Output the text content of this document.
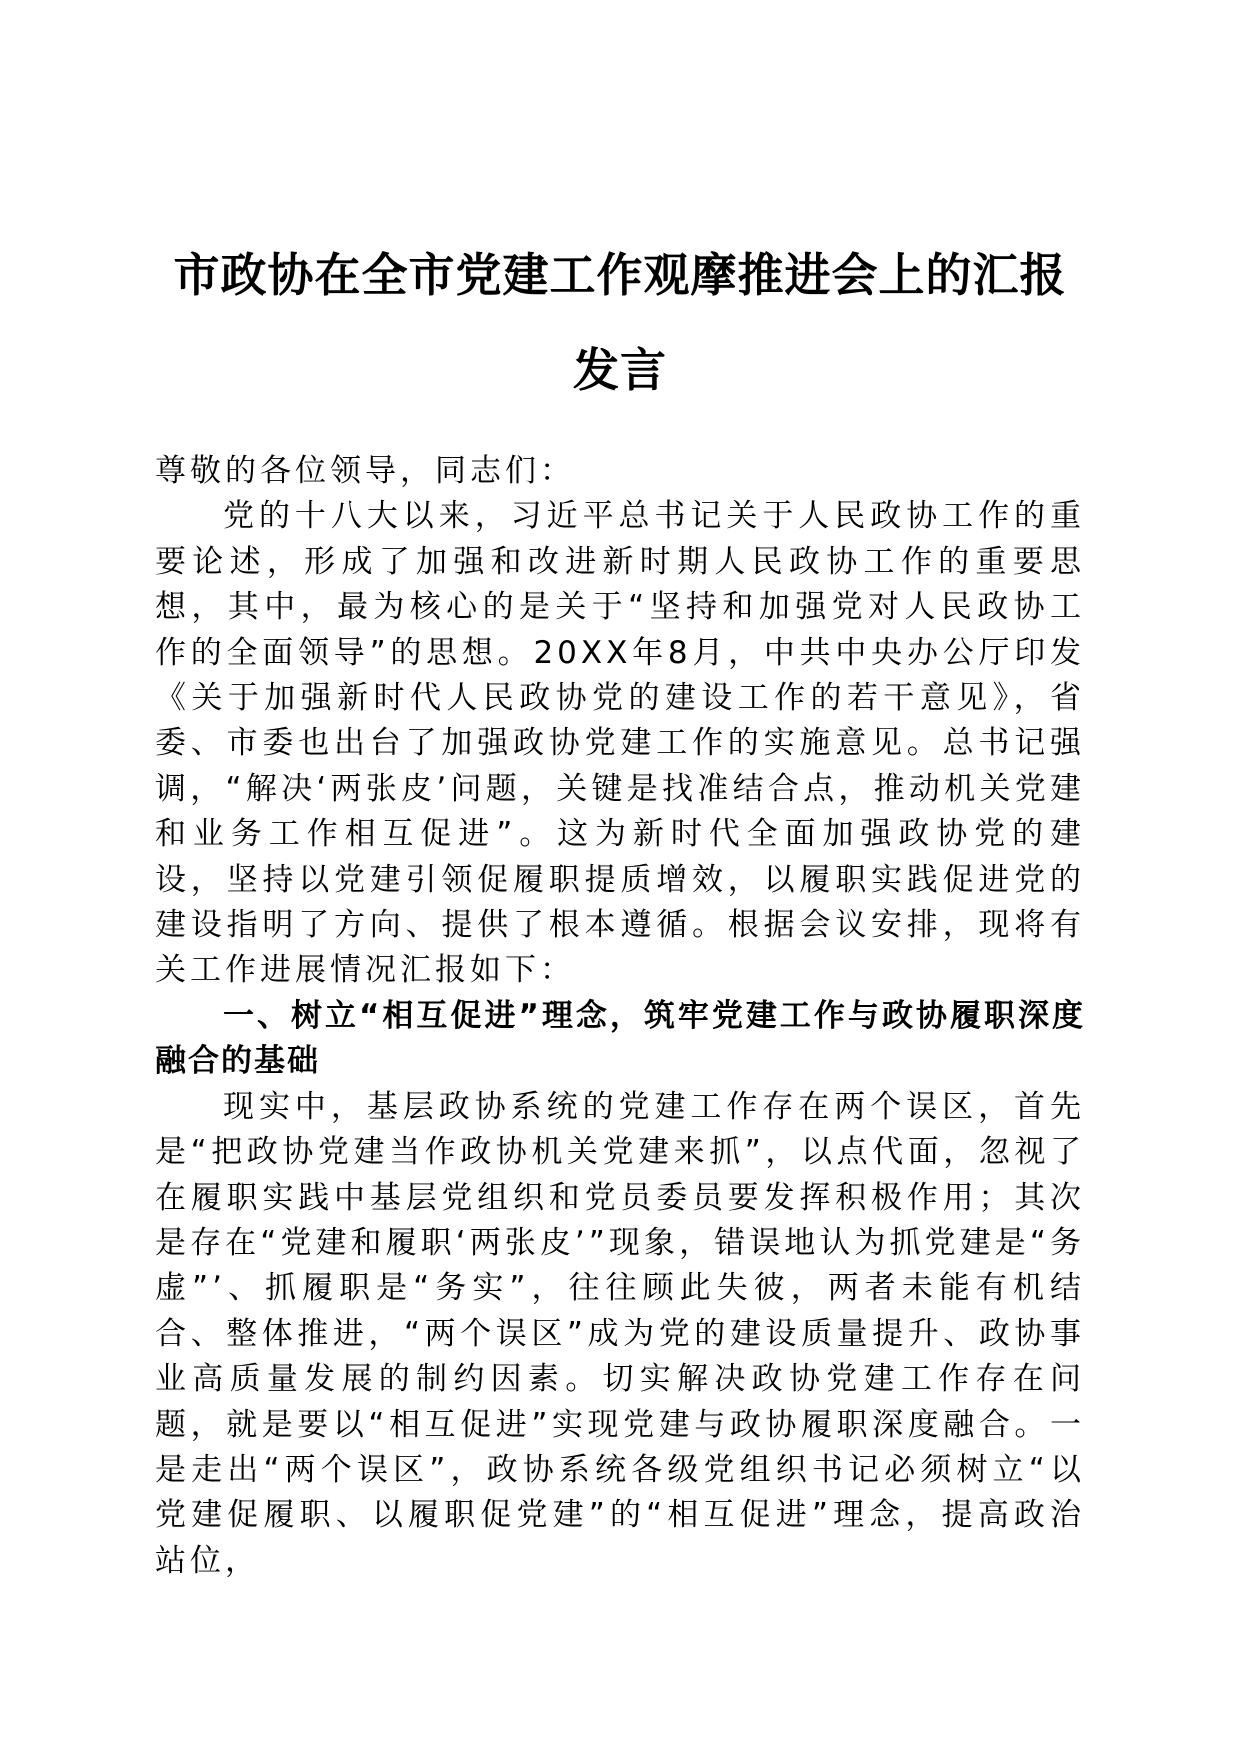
市政协在全市党建工作观摩推进会上的汇报发言

尊敬的各位领导，同志们：

党的十八大以来，习近平总书记关于人民政协工作的重要论述，形成了加强和改进新时期人民政协工作的重要思想，其中，最为核心的是关于“坚持和加强党对人民政协工作的全面领导”的思想。20XX年8月，中共中央办公厅印发《关于加强新时代人民政协党的建设工作的若干意见》，省委、市委也出台了加强政协党建工作的实施意见。总书记强调，“解决‘两张皮’问题，关键是找准结合点，推动机关党建和业务工作相互促进”。这为新时代全面加强政协党的建设，坚持以党建引领促履职提质增效，以履职实践促进党的建设指明了方向、提供了根本遵循。根据会议安排，现将有关工作进展情况汇报如下：

一、树立“相互促进”理念，筑牢党建工作与政协履职深度融合的基础

现实中，基层政协系统的党建工作存在两个误区，首先是“把政协党建当作政协机关党建来抓”，以点代面，忽视了在履职实践中基层党组织和党员委员要发挥积极作用；其次是存在“党建和履职‘两张皮’”现象，错误地认为抓党建是“务虚”’、抓履职是“务实”，往往顾此失彼，两者未能有机结合、整体推进，“两个误区”成为党的建设质量提升、政协事业高质量发展的制约因素。切实解决政协党建工作存在问题，就是要以“相互促进”实现党建与政协履职深度融合。一是走出“两个误区”，政协系统各级党组织书记必须树立“以党建促履职、以履职促党建”的“相互促进”理念，提高政治站位，
